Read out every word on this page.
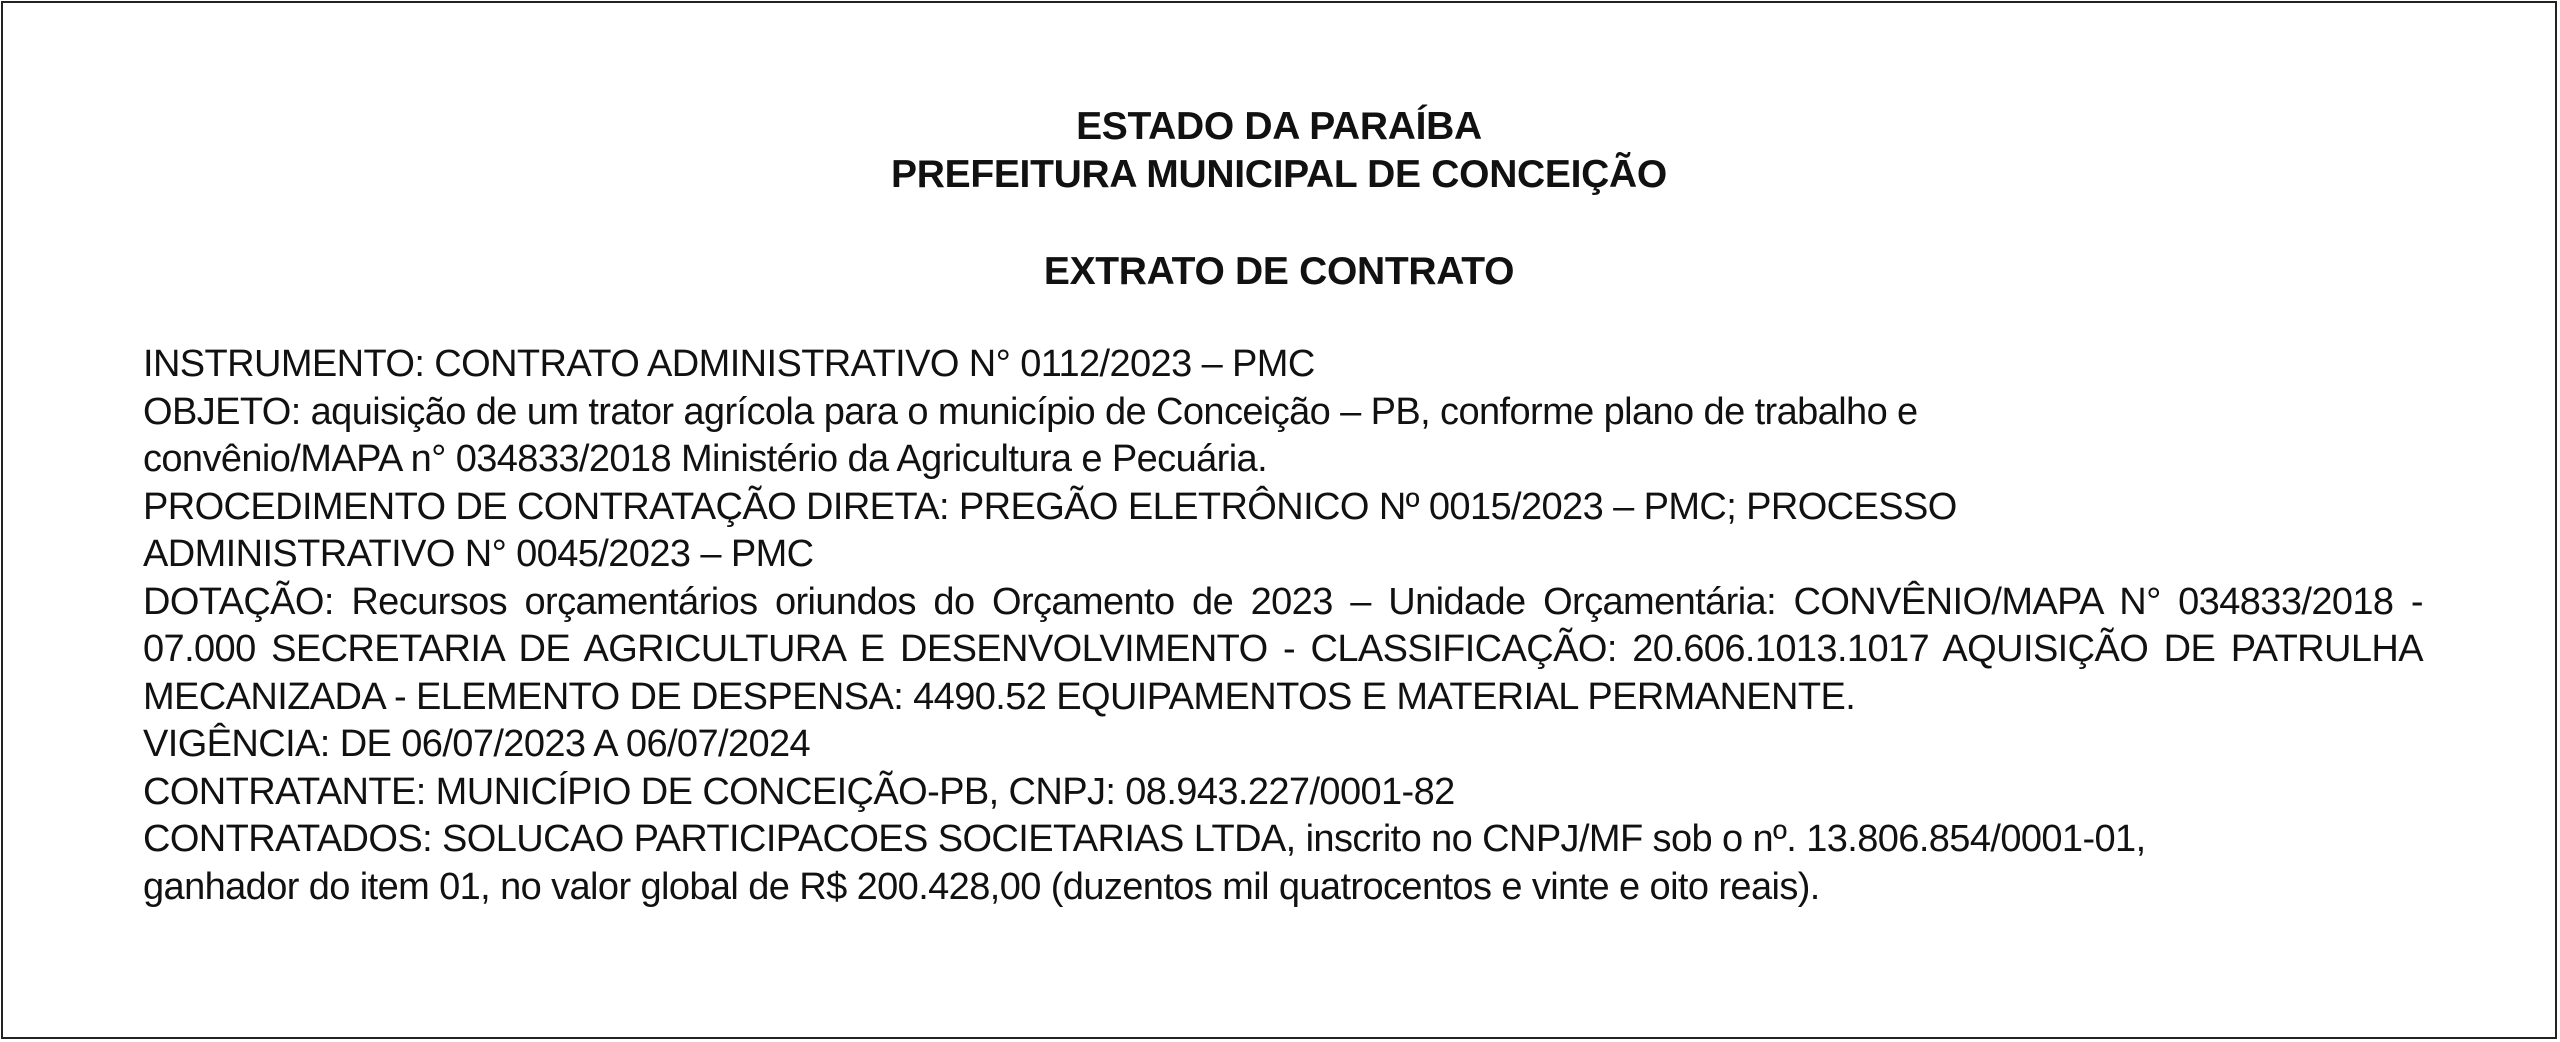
ESTADO DA PARAÍBA
PREFEITURA MUNICIPAL DE CONCEIÇÃO
EXTRATO DE CONTRATO

INSTRUMENTO: CONTRATO ADMINISTRATIVO N° 0112/2023 – PMC

OBJETO: aquisição de um trator agrícola para o município de Conceição – PB, conforme plano de trabalho e
convênio/MAPA n° 034833/2018 Ministério da Agricultura e Pecuária.

PROCEDIMENTO DE CONTRATAÇÃO DIRETA: PREGÃO ELETRÔNICO Nº 0015/2023 – PMC; PROCESSO
ADMINISTRATIVO N° 0045/2023 – PMC

DOTAÇÃO: Recursos orçamentários oriundos do Orçamento de 2023 – Unidade Orçamentária: CONVÊNIO/MAPA N° 034833/2018 - 07.000 SECRETARIA DE AGRICULTURA E DESENVOLVIMENTO - CLASSIFICAÇÃO: 20.606.1013.1017 AQUISIÇÃO DE PATRULHA MECANIZADA - ELEMENTO DE DESPENSA: 4490.52 EQUIPAMENTOS E MATERIAL PERMANENTE.

VIGÊNCIA: DE 06/07/2023 A 06/07/2024

CONTRATANTE: MUNICÍPIO DE CONCEIÇÃO-PB, CNPJ: 08.943.227/0001-82

CONTRATADOS: SOLUCAO PARTICIPACOES SOCIETARIAS LTDA, inscrito no CNPJ/MF sob o nº. 13.806.854/0001-01,
ganhador do item 01, no valor global de R$ 200.428,00 (duzentos mil quatrocentos e vinte e oito reais).
